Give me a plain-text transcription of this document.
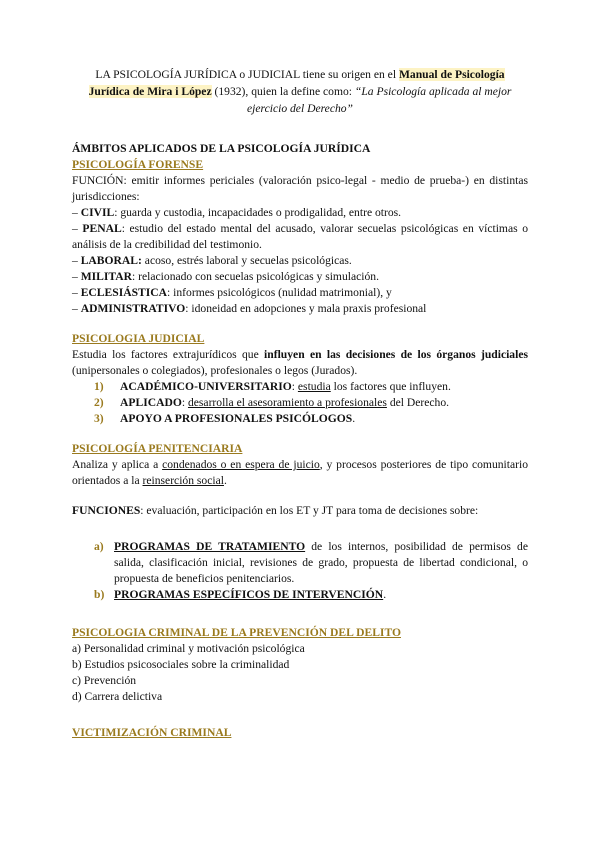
LA PSICOLOGÍA JURÍDICA o JUDICIAL tiene su origen en el Manual de Psicología Jurídica de Mira i López (1932), quien la define como: “La Psicología aplicada al mejor ejercicio del Derecho”
ÁMBITOS APLICADOS DE LA PSICOLOGÍA JURÍDICA
PSICOLOGÍA FORENSE
FUNCIÓN: emitir informes periciales (valoración psico-legal - medio de prueba-) en distintas jurisdicciones:
– CIVIL: guarda y custodia, incapacidades o prodigalidad, entre otros.
– PENAL: estudio del estado mental del acusado, valorar secuelas psicológicas en víctimas o análisis de la credibilidad del testimonio.
– LABORAL: acoso, estrés laboral y secuelas psicológicas.
– MILITAR: relacionado con secuelas psicológicas y simulación.
– ECLESIÁSTICA: informes psicológicos (nulidad matrimonial), y
– ADMINISTRATIVO: idoneidad en adopciones y mala praxis profesional
PSICOLOGIA JUDICIAL
Estudia los factores extrajurídicos que influyen en las decisiones de los órganos judiciales (unipersonales o colegiados), profesionales o legos (Jurados).
1)	ACADÉMICO-UNIVERSITARIO: estudia los factores que influyen.
2)	APLICADO: desarrolla el asesoramiento a profesionales del Derecho.
3)	APOYO A PROFESIONALES PSICÓLOGOS.
PSICOLOGÍA PENITENCIARIA
Analiza y aplica a condenados o en espera de juicio, y procesos posteriores de tipo comunitario orientados a la reinserción social.
FUNCIONES: evaluación, participación en los ET y JT para toma de decisiones sobre:
a) PROGRAMAS DE TRATAMIENTO de los internos, posibilidad de permisos de salida, clasificación inicial, revisiones de grado, propuesta de libertad condicional, o propuesta de beneficios penitenciarios.
b) PROGRAMAS ESPECÍFICOS DE INTERVENCIÓN.
PSICOLOGIA CRIMINAL DE LA PREVENCIÓN DEL DELITO
a) Personalidad criminal y motivación psicológica
b) Estudios psicosociales sobre la criminalidad
c) Prevención
d) Carrera delictiva
VICTIMIZACIÓN CRIMINAL
